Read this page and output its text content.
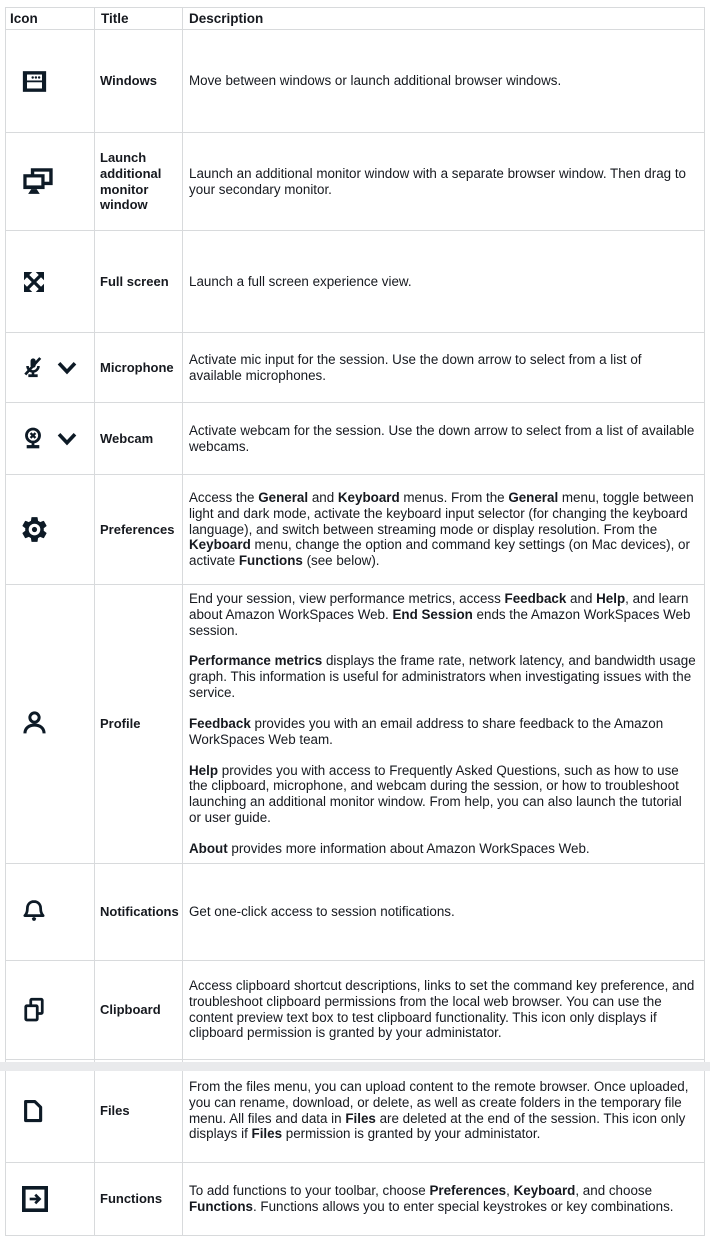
Icon	Title	Description

	Windows	Move between windows or launch additional browser windows.

	Launch additional monitor window	Launch an additional monitor window with a separate browser window. Then drag to your secondary monitor.

	Full screen	Launch a full screen experience view.

	Microphone	Activate mic input for the session. Use the down arrow to select from a list of available microphones.

	Webcam	Activate webcam for the session. Use the down arrow to select from a list of available webcams.

	Preferences	Access the General and Keyboard menus. From the General menu, toggle between light and dark mode, activate the keyboard input selector (for changing the keyboard language), and switch between streaming mode or display resolution. From the Keyboard menu, change the option and command key settings (on Mac devices), or activate Functions (see below).

	Profile	End your session, view performance metrics, access Feedback and Help, and learn about Amazon WorkSpaces Web. End Session ends the Amazon WorkSpaces Web session.

Performance metrics displays the frame rate, network latency, and bandwidth usage graph. This information is useful for administrators when investigating issues with the service.

Feedback provides you with an email address to share feedback to the Amazon WorkSpaces Web team.

Help provides you with access to Frequently Asked Questions, such as how to use the clipboard, microphone, and webcam during the session, or how to troubleshoot launching an additional monitor window. From help, you can also launch the tutorial or user guide.

About provides more information about Amazon WorkSpaces Web.

	Notifications	Get one-click access to session notifications.

	Clipboard	Access clipboard shortcut descriptions, links to set the command key preference, and troubleshoot clipboard permissions from the local web browser. You can use the content preview text box to test clipboard functionality. This icon only displays if clipboard permission is granted by your administator.

	Files	From the files menu, you can upload content to the remote browser. Once uploaded, you can rename, download, or delete, as well as create folders in the temporary file menu. All files and data in Files are deleted at the end of the session. This icon only displays if Files permission is granted by your administator.

	Functions	To add functions to your toolbar, choose Preferences, Keyboard, and choose Functions. Functions allows you to enter special keystrokes or key combinations.
